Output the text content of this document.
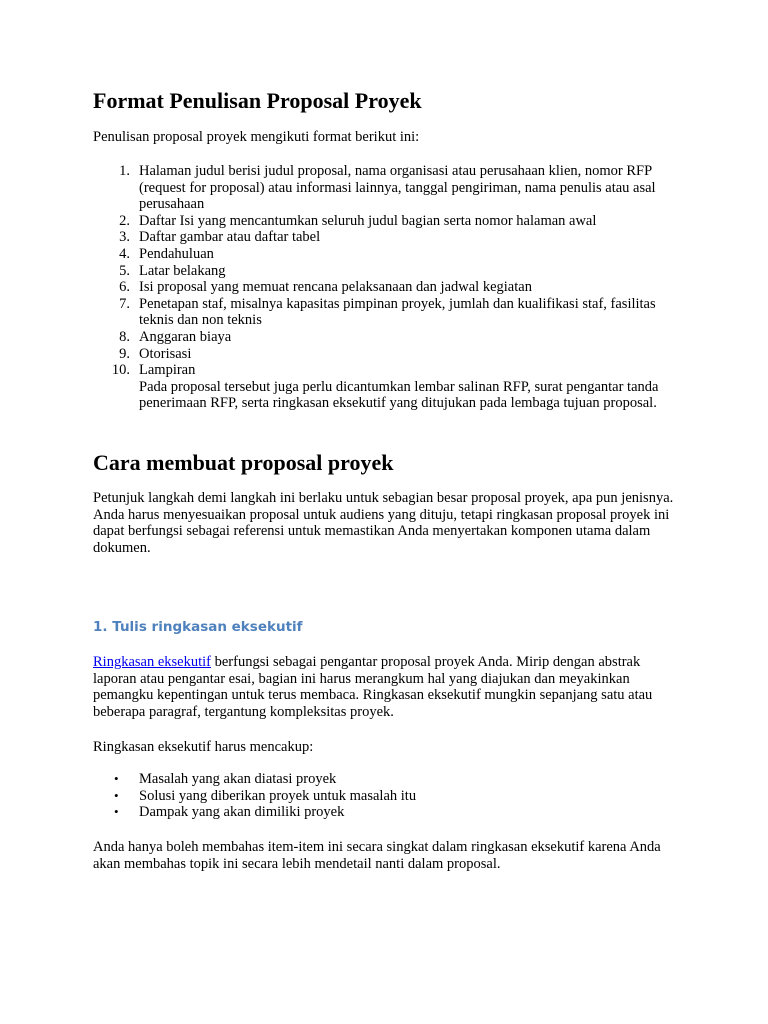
Format Penulisan Proposal Proyek

Penulisan proposal proyek mengikuti format berikut ini:

Halaman judul berisi judul proposal, nama organisasi atau perusahaan klien, nomor RFP (request for proposal) atau informasi lainnya, tanggal pengiriman, nama penulis atau asal perusahaan
Daftar Isi yang mencantumkan seluruh judul bagian serta nomor halaman awal
Daftar gambar atau daftar tabel
Pendahuluan
Latar belakang
Isi proposal yang memuat rencana pelaksanaan dan jadwal kegiatan
Penetapan staf, misalnya kapasitas pimpinan proyek, jumlah dan kualifikasi staf, fasilitas teknis dan non teknis
Anggaran biaya
Otorisasi
Lampiran
Pada proposal tersebut juga perlu dicantumkan lembar salinan RFP, surat pengantar tanda penerimaan RFP, serta ringkasan eksekutif yang ditujukan pada lembaga tujuan proposal.
Cara membuat proposal proyek

Petunjuk langkah demi langkah ini berlaku untuk sebagian besar proposal proyek, apa pun jenisnya. Anda harus menyesuaikan proposal untuk audiens yang dituju, tetapi ringkasan proposal proyek ini dapat berfungsi sebagai referensi untuk memastikan Anda menyertakan komponen utama dalam dokumen.

1. Tulis ringkasan eksekutif

Ringkasan eksekutif berfungsi sebagai pengantar proposal proyek Anda. Mirip dengan abstrak laporan atau pengantar esai, bagian ini harus merangkum hal yang diajukan dan meyakinkan pemangku kepentingan untuk terus membaca. Ringkasan eksekutif mungkin sepanjang satu atau beberapa paragraf, tergantung kompleksitas proyek.

Ringkasan eksekutif harus mencakup:

• Masalah yang akan diatasi proyek
• Solusi yang diberikan proyek untuk masalah itu
• Dampak yang akan dimiliki proyek

Anda hanya boleh membahas item-item ini secara singkat dalam ringkasan eksekutif karena Anda akan membahas topik ini secara lebih mendetail nanti dalam proposal.
